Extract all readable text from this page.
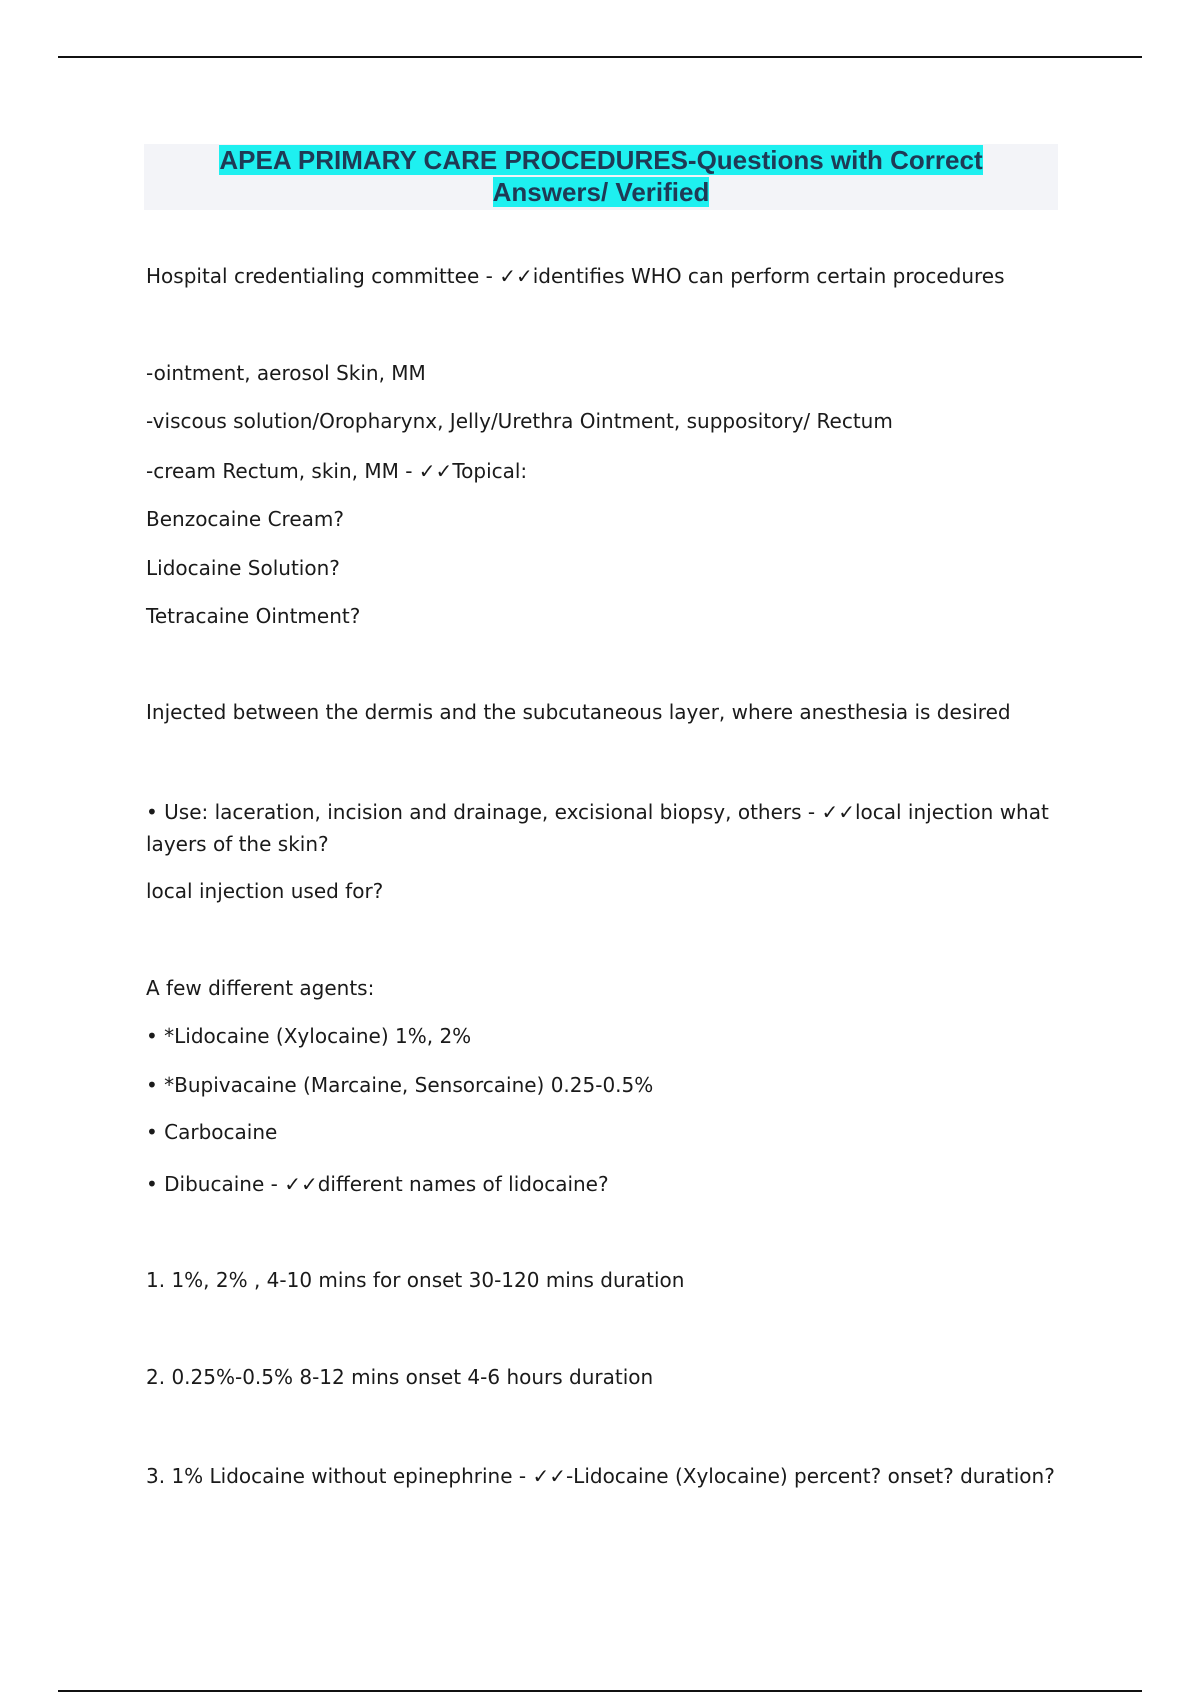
APEA PRIMARY CARE PROCEDURES-Questions with Correct
Answers/ Verified
Hospital credentialing committee - ✓✓identifies WHO can perform certain procedures
-ointment, aerosol Skin, MM
-viscous solution/Oropharynx, Jelly/Urethra Ointment, suppository/ Rectum
-cream Rectum, skin, MM - ✓✓Topical:
Benzocaine Cream?
Lidocaine Solution?
Tetracaine Ointment?
Injected between the dermis and the subcutaneous layer, where anesthesia is desired
• Use: laceration, incision and drainage, excisional biopsy, others - ✓✓local injection what
layers of the skin?
local injection used for?
A few different agents:
• *Lidocaine (Xylocaine) 1%, 2%
• *Bupivacaine (Marcaine, Sensorcaine) 0.25-0.5%
• Carbocaine
• Dibucaine - ✓✓different names of lidocaine?
1. 1%, 2% , 4-10 mins for onset 30-120 mins duration
2. 0.25%-0.5% 8-12 mins onset 4-6 hours duration
3. 1% Lidocaine without epinephrine - ✓✓-Lidocaine (Xylocaine) percent? onset? duration?
